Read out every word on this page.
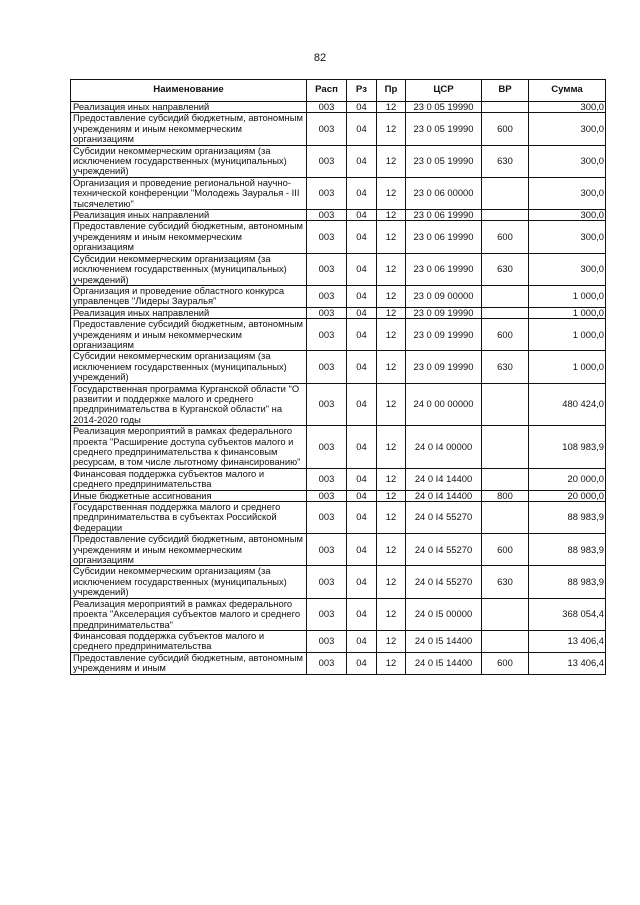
82
Наименование	Расп	Рз	Пр	ЦСР	ВР	Сумма
Реализация иных направлений	003	04	12	23 0 05 19990		300,0
Предоставление субсидий бюджетным, автономным учреждениям и иным некоммерческим организациям	003	04	12	23 0 05 19990	600	300,0
Субсидии некоммерческим организациям (за исключением государственных (муниципальных) учреждений)	003	04	12	23 0 05 19990	630	300,0
Организация и проведение региональной научно-технической конференции "Молодежь Зауралья - III тысячелетию"	003	04	12	23 0 06 00000		300,0
Реализация иных направлений	003	04	12	23 0 06 19990		300,0
Предоставление субсидий бюджетным, автономным учреждениям и иным некоммерческим организациям	003	04	12	23 0 06 19990	600	300,0
Субсидии некоммерческим организациям (за исключением государственных (муниципальных) учреждений)	003	04	12	23 0 06 19990	630	300,0
Организация и проведение областного конкурса управленцев "Лидеры Зауралья"	003	04	12	23 0 09 00000		1 000,0
Реализация иных направлений	003	04	12	23 0 09 19990		1 000,0
Предоставление субсидий бюджетным, автономным учреждениям и иным некоммерческим организациям	003	04	12	23 0 09 19990	600	1 000,0
Субсидии некоммерческим организациям (за исключением государственных (муниципальных) учреждений)	003	04	12	23 0 09 19990	630	1 000,0
Государственная программа Курганской области "О развитии и поддержке малого и среднего предпринимательства в Курганской области" на 2014-2020 годы	003	04	12	24 0 00 00000		480 424,0
Реализация мероприятий в рамках федерального проекта "Расширение доступа субъектов малого и среднего предпринимательства к финансовым ресурсам, в том числе льготному финансированию"	003	04	12	24 0 I4 00000		108 983,9
Финансовая поддержка субъектов малого и среднего предпринимательства	003	04	12	24 0 I4 14400		20 000,0
Иные бюджетные ассигнования	003	04	12	24 0 I4 14400	800	20 000,0
Государственная поддержка малого и среднего предпринимательства в субъектах Российской Федерации	003	04	12	24 0 I4 55270		88 983,9
Предоставление субсидий бюджетным, автономным учреждениям и иным некоммерческим организациям	003	04	12	24 0 I4 55270	600	88 983,9
Субсидии некоммерческим организациям (за исключением государственных (муниципальных) учреждений)	003	04	12	24 0 I4 55270	630	88 983,9
Реализация мероприятий в рамках федерального проекта "Акселерация субъектов малого и среднего предпринимательства"	003	04	12	24 0 I5 00000		368 054,4
Финансовая поддержка субъектов малого и среднего предпринимательства	003	04	12	24 0 I5 14400		13 406,4
Предоставление субсидий бюджетным, автономным учреждениям и иным	003	04	12	24 0 I5 14400	600	13 406,4
